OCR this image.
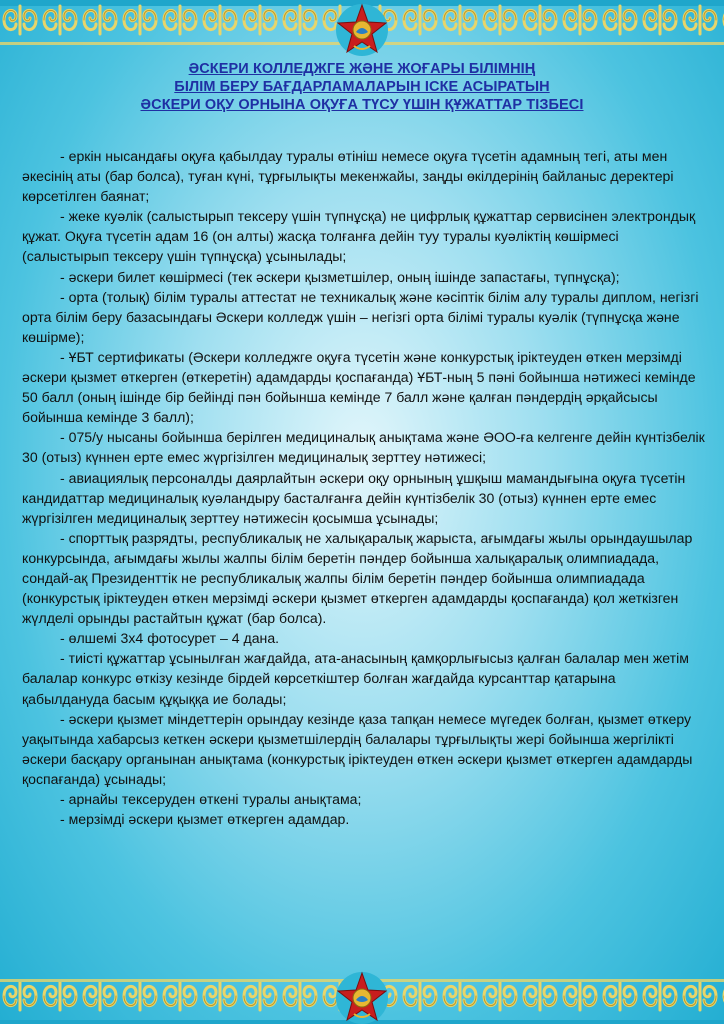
ӘСКЕРИ КОЛЛЕДЖГЕ ЖӘНЕ ЖОҒАРЫ БІЛІМНІҢ
БІЛІМ БЕРУ БАҒДАРЛАМАЛАРЫН ІСКЕ АСЫРАТЫН
ӘСКЕРИ ОҚУ ОРНЫНА ОҚУҒА ТҮСУ ҮШІН ҚҰЖАТТАР ТІЗБЕСІ

- еркін нысандағы оқуға қабылдау туралы өтініш немесе оқуға түсетін адамның тегі, аты мен әкесінің аты (бар болса), туған күні, тұрғылықты мекенжайы, заңды өкілдерінің байланыс деректері көрсетілген баянат;

- жеке куәлік (салыстырып тексеру үшін түпнұсқа) не цифрлық құжаттар сервисінен электрондық құжат. Оқуға түсетін адам 16 (он алты) жасқа толғанға дейін туу туралы куәліктің көшірмесі (салыстырып тексеру үшін түпнұсқа) ұсынылады;

- әскери билет көшірмесі (тек әскери қызметшілер, оның ішінде запастағы, түпнұсқа);

- орта (толық) білім туралы аттестат не техникалық және кәсіптік білім алу туралы диплом, негізгі орта білім беру базасындағы Әскери колледж үшін – негізгі орта білімі туралы куәлік (түпнұсқа және көшірме);

- ҰБТ сертификаты (Әскери колледжге оқуға түсетін және конкурстық іріктеуден өткен мерзімді әскери қызмет өткерген (өткеретін) адамдарды қоспағанда) ҰБТ-ның 5 пәні бойынша нәтижесі кемінде 50 балл (оның ішінде бір бейінді пән бойынша кемінде 7 балл және қалған пәндердің әрқайсысы бойынша кемінде 3 балл);

- 075/у нысаны бойынша берілген медициналық анықтама және ӘОО-ға келгенге дейін күнтізбелік 30 (отыз) күннен ерте емес жүргізілген медициналық зерттеу нәтижесі;

- авиациялық персоналды даярлайтын әскери оқу орнының ұшқыш мамандығына оқуға түсетін кандидаттар медициналық куәландыру басталғанға дейін күнтізбелік 30 (отыз) күннен ерте емес жүргізілген медициналық зерттеу нәтижесін қосымша ұсынады;

- спорттық разрядты, республикалық не халықаралық жарыста, ағымдағы жылы орындаушылар конкурсында, ағымдағы жылы жалпы білім беретін пәндер бойынша халықаралық олимпиадада, сондай-ақ Президенттік не республикалық жалпы білім беретін пәндер бойынша олимпиадада (конкурстық іріктеуден өткен мерзімді әскери қызмет өткерген адамдарды қоспағанда) қол жеткізген жүлделі орынды растайтын құжат (бар болса).

- өлшемі 3х4 фотосурет – 4 дана.

- тиісті құжаттар ұсынылған жағдайда, ата-анасының қамқорлығысыз қалған балалар мен жетім балалар конкурс өткізу кезінде бірдей көрсеткіштер болған жағдайда курсанттар қатарына қабылдануда басым құқыққа ие болады;

- әскери қызмет міндеттерін орындау кезінде қаза тапқан немесе мүгедек болған, қызмет өткеру уақытында хабарсыз кеткен әскери қызметшілердің балалары тұрғылықты жері бойынша жергілікті әскери басқару органынан анықтама (конкурстық іріктеуден өткен әскери қызмет өткерген адамдарды қоспағанда) ұсынады;

- арнайы тексеруден өткені туралы анықтама;

- мерзімді әскери қызмет өткерген адамдар.
